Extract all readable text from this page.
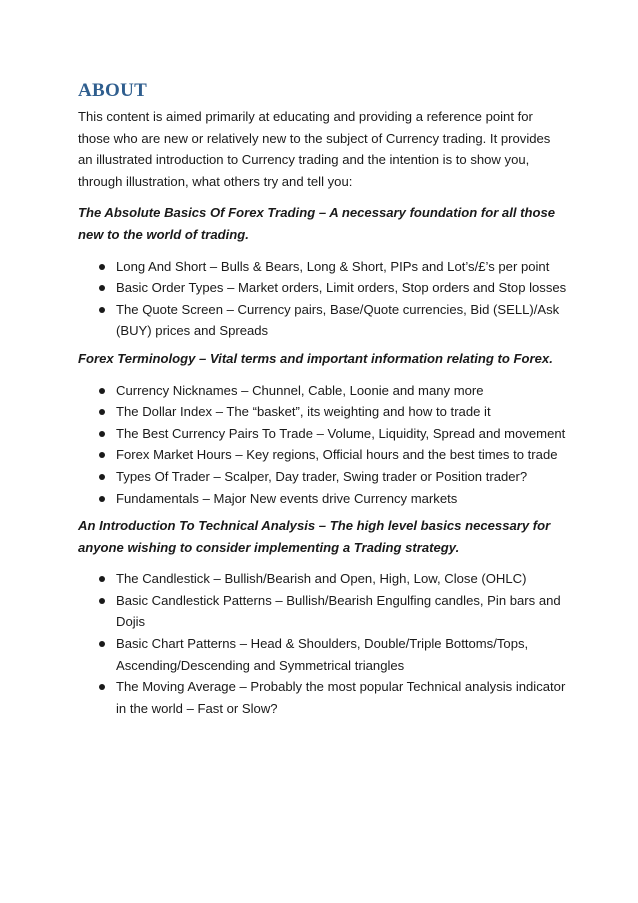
ABOUT

This content is aimed primarily at educating and providing a reference point for those who are new or relatively new to the subject of Currency trading. It provides an illustrated introduction to Currency trading and the intention is to show you, through illustration, what others try and tell you:

The Absolute Basics Of Forex Trading – A necessary foundation for all those new to the world of trading.

Long And Short – Bulls & Bears, Long & Short, PIPs and Lot’s/£’s per point
Basic Order Types – Market orders, Limit orders, Stop orders and Stop losses
The Quote Screen – Currency pairs, Base/Quote currencies, Bid (SELL)/Ask (BUY) prices and Spreads

Forex Terminology – Vital terms and important information relating to Forex.

Currency Nicknames – Chunnel, Cable, Loonie and many more
The Dollar Index – The “basket”, its weighting and how to trade it
The Best Currency Pairs To Trade – Volume, Liquidity, Spread and movement
Forex Market Hours – Key regions, Official hours and the best times to trade
Types Of Trader – Scalper, Day trader, Swing trader or Position trader?
Fundamentals – Major New events drive Currency markets

An Introduction To Technical Analysis – The high level basics necessary for anyone wishing to consider implementing a Trading strategy.

The Candlestick – Bullish/Bearish and Open, High, Low, Close (OHLC)
Basic Candlestick Patterns – Bullish/Bearish Engulfing candles, Pin bars and Dojis
Basic Chart Patterns – Head & Shoulders, Double/Triple Bottoms/Tops, Ascending/Descending and Symmetrical triangles
The Moving Average – Probably the most popular Technical analysis indicator in the world – Fast or Slow?
